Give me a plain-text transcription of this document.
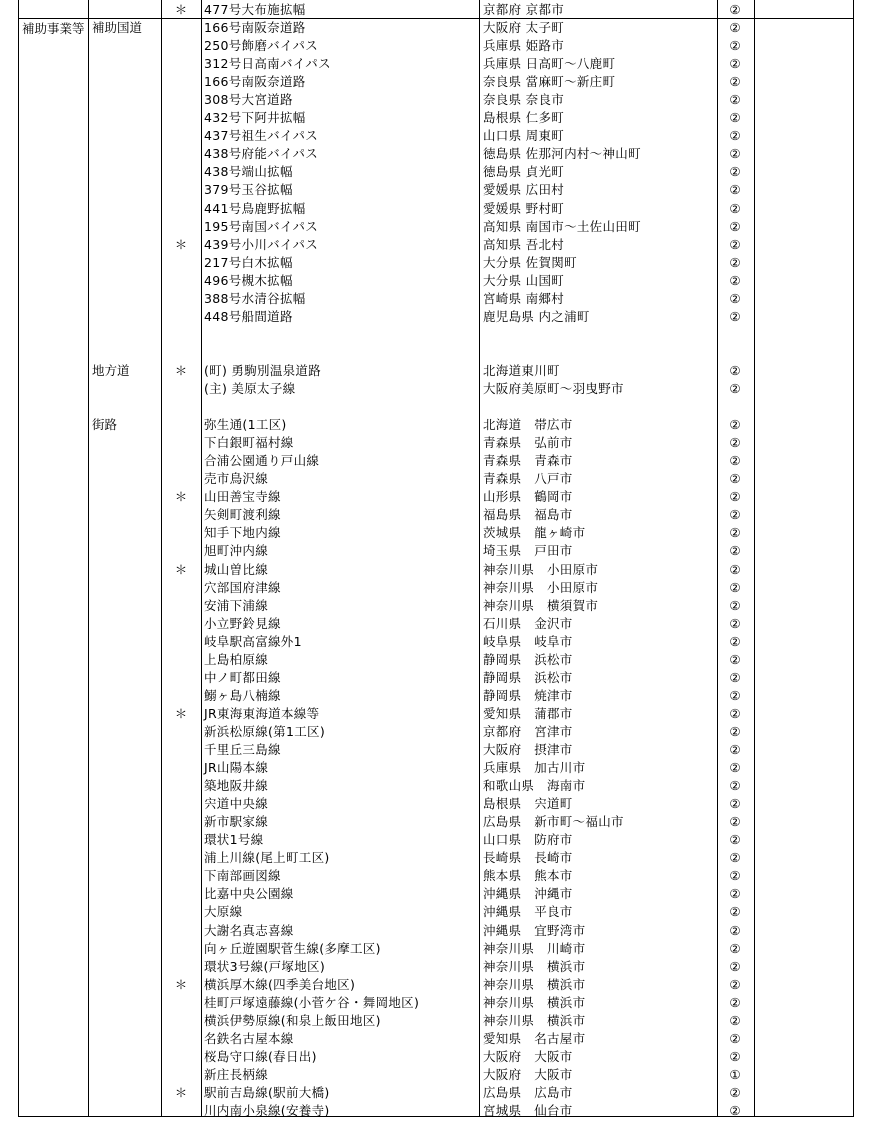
＊	477号大布施拡幅	京都府 京都市	②
補助事業等 補助国道	166号南阪奈道路	大阪府 太子町	②
250号飾磨バイパス	兵庫県 姫路市	②
312号日高南バイパス	兵庫県 日高町～八鹿町	②
166号南阪奈道路	奈良県 當麻町～新庄町	②
308号大宮道路	奈良県 奈良市	②
432号下阿井拡幅	島根県 仁多町	②
437号祖生バイパス	山口県 周東町	②
438号府能バイパス	徳島県 佐那河内村～神山町	②
438号端山拡幅	徳島県 貞光町	②
379号玉谷拡幅	愛媛県 広田村	②
441号鳥鹿野拡幅	愛媛県 野村町	②
195号南国バイパス	高知県 南国市～土佐山田町	②
＊	439号小川バイパス	高知県 吾北村	②
217号白木拡幅	大分県 佐賀関町	②
496号槻木拡幅	大分県 山国町	②
388号水清谷拡幅	宮崎県 南郷村	②
448号船間道路	鹿児島県 内之浦町	②
地方道	＊	(町) 勇駒別温泉道路	北海道東川町	②
(主) 美原太子線	大阪府美原町～羽曳野市	②
街路	弥生通(1工区)	北海道　帯広市	②
下白銀町福村線	青森県　弘前市	②
合浦公園通り戸山線	青森県　青森市	②
売市鳥沢線	青森県　八戸市	②
＊	山田善宝寺線	山形県　鶴岡市	②
矢剣町渡利線	福島県　福島市	②
知手下地内線	茨城県　龍ヶ崎市	②
旭町沖内線	埼玉県　戸田市	②
＊	城山曽比線	神奈川県　小田原市	②
穴部国府津線	神奈川県　小田原市	②
安浦下浦線	神奈川県　横須賀市	②
小立野鈴見線	石川県　金沢市	②
岐阜駅高富線外1	岐阜県　岐阜市	②
上島柏原線	静岡県　浜松市	②
中ノ町都田線	静岡県　浜松市	②
鰯ヶ島八楠線	静岡県　焼津市	②
＊	JR東海東海道本線等	愛知県　蒲郡市	②
新浜松原線(第1工区)	京都府　宮津市	②
千里丘三島線	大阪府　摂津市	②
JR山陽本線	兵庫県　加古川市	②
築地阪井線	和歌山県　海南市	②
宍道中央線	島根県　宍道町	②
新市駅家線	広島県　新市町～福山市	②
環状1号線	山口県　防府市	②
浦上川線(尾上町工区)	長崎県　長崎市	②
下南部画図線	熊本県　熊本市	②
比嘉中央公園線	沖縄県　沖縄市	②
大原線	沖縄県　平良市	②
大謝名真志喜線	沖縄県　宜野湾市	②
向ヶ丘遊園駅菅生線(多摩工区)	神奈川県　川崎市	②
環状3号線(戸塚地区)	神奈川県　横浜市	②
＊	横浜厚木線(四季美台地区)	神奈川県　横浜市	②
桂町戸塚遠藤線(小菅ケ谷・舞岡地区)	神奈川県　横浜市	②
横浜伊勢原線(和泉上飯田地区)	神奈川県　横浜市	②
名鉄名古屋本線	愛知県　名古屋市	②
桜島守口線(春日出)	大阪府　大阪市	②
新庄長柄線	大阪府　大阪市	①
＊	駅前吉島線(駅前大橋)	広島県　広島市	②
川内南小泉線(安養寺)	宮城県　仙台市	②
